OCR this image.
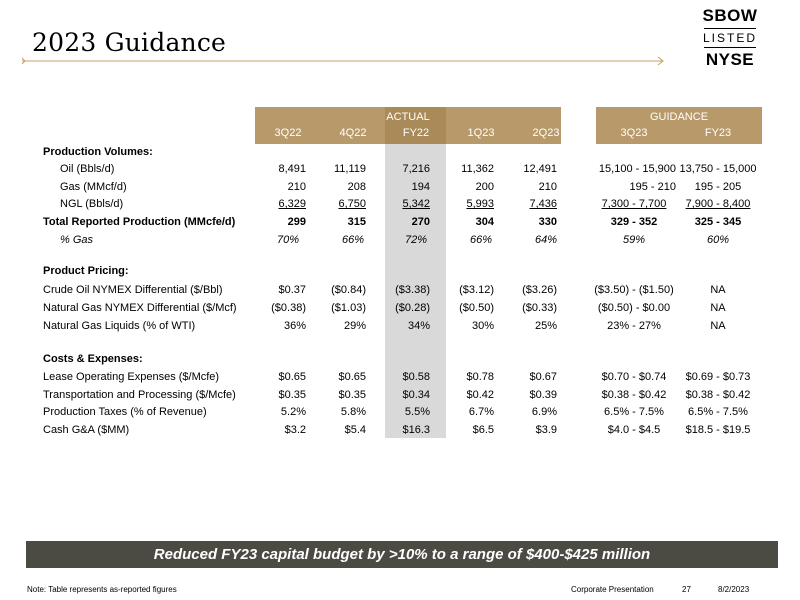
2023 Guidance
SBOW
LISTED
NYSE
ACTUAL	GUIDANCE
3Q22	4Q22	FY22	1Q23	2Q23	3Q23	FY23
Production Volumes:
Oil (Bbls/d)	8,491	11,119	7,216	11,362	12,491	15,100 - 15,900 13,750 - 15,000
Gas (MMcf/d)	210	208	194	200	210	195 - 210	195 - 205
NGL (Bbls/d)	6,329	6,750	5,342	5,993	7,436	7,300 - 7,700	7,900 - 8,400
Total Reported Production (MMcfe/d)	299	315	270	304	330	329 - 352	325 - 345
% Gas	70%	66%	72%	66%	64%	59%	60%
Product Pricing:
Crude Oil NYMEX Differential ($/Bbl)	$0.37	($0.84)	($3.38)	($3.12)	($3.26)	($3.50) - ($1.50)	NA
Natural Gas NYMEX Differential ($/Mcf)	($0.38)	($1.03)	($0.28)	($0.50)	($0.33)	($0.50) - $0.00	NA
Natural Gas Liquids (% of WTI)	36%	29%	34%	30%	25%	23% - 27%	NA
Costs & Expenses:
Lease Operating Expenses ($/Mcfe)	$0.65	$0.65	$0.58	$0.78	$0.67	$0.70 - $0.74	$0.69 - $0.73
Transportation and Processing ($/Mcfe)	$0.35	$0.35	$0.34	$0.42	$0.39	$0.38 - $0.42	$0.38 - $0.42
Production Taxes (% of Revenue)	5.2%	5.8%	5.5%	6.7%	6.9%	6.5% - 7.5%	6.5% - 7.5%
Cash G&A ($MM)	$3.2	$5.4	$16.3	$6.5	$3.9	$4.0 - $4.5	$18.5 - $19.5
Reduced FY23 capital budget by >10% to a range of $400-$425 million
Note: Table represents as-reported figures	Corporate Presentation	27	8/2/2023
